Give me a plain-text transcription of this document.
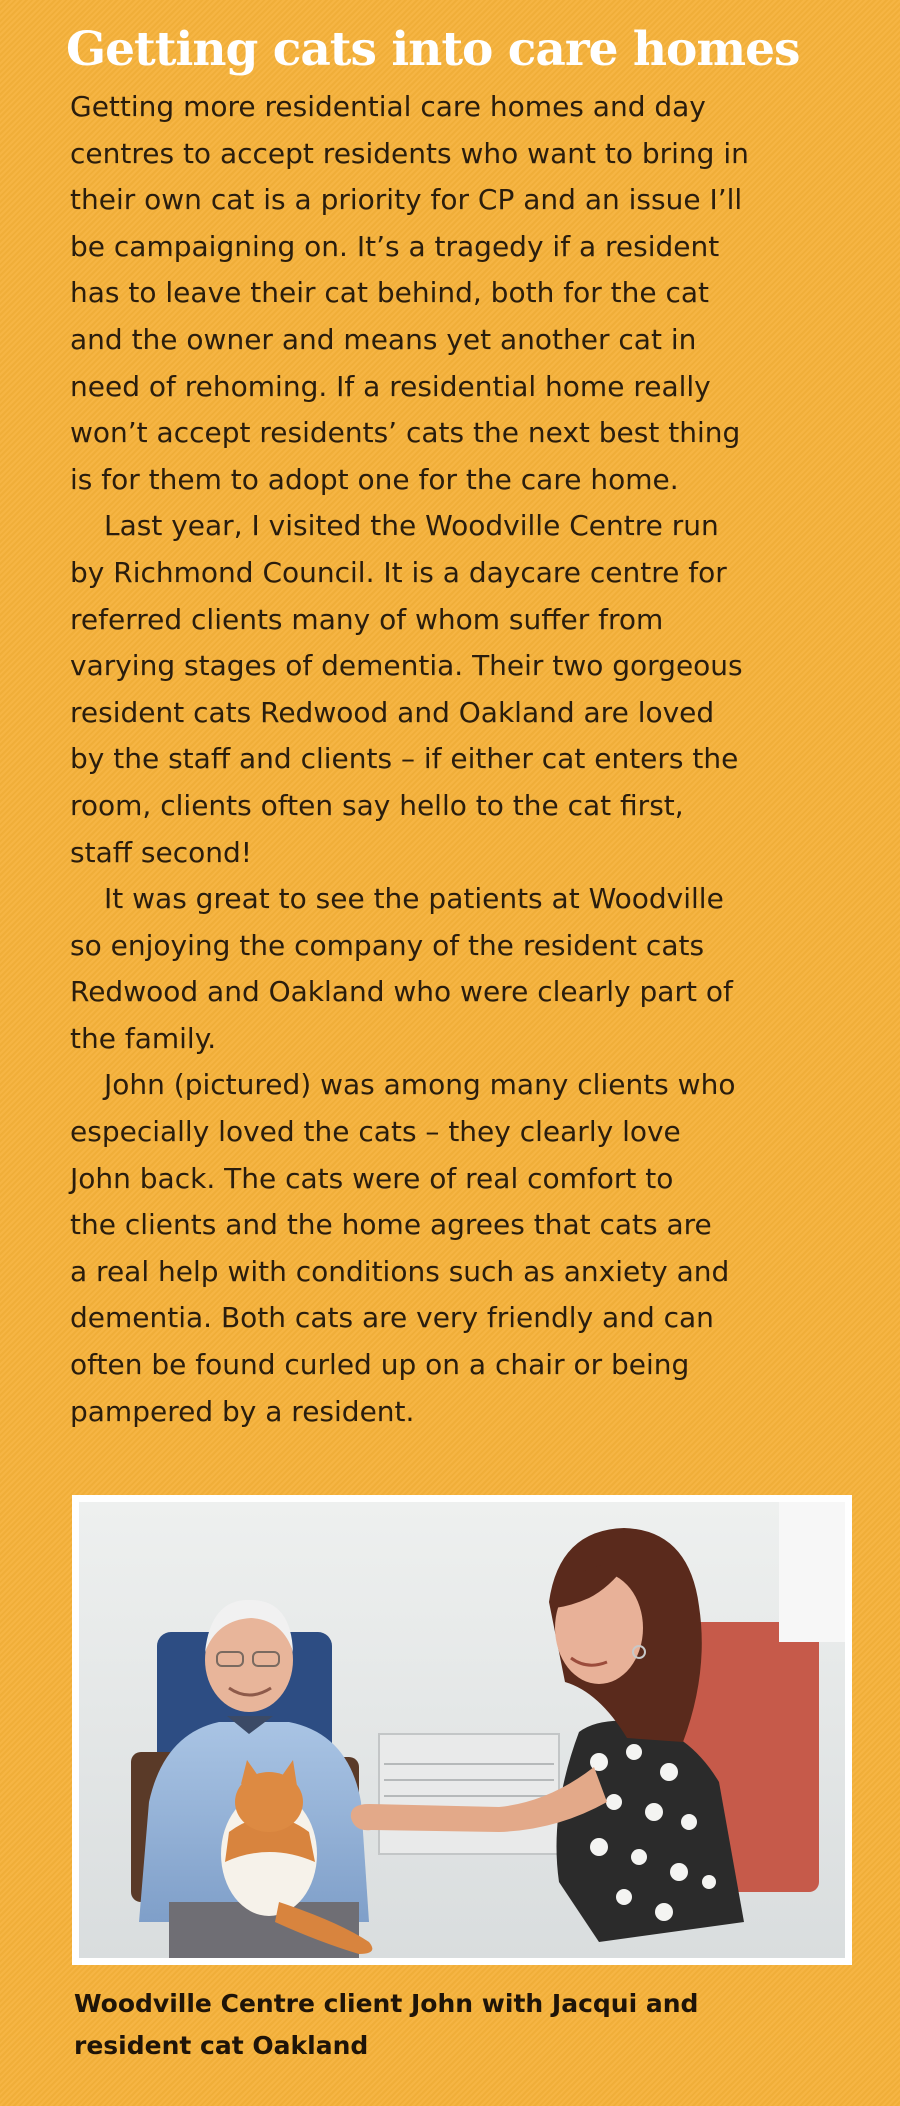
Getting cats into care homes

Getting more residential care homes and day
centres to accept residents who want to bring in
their own cat is a priority for CP and an issue I’ll
be campaigning on. It’s a tragedy if a resident
has to leave their cat behind, both for the cat
and the owner and means yet another cat in
need of rehoming. If a residential home really
won’t accept residents’ cats the next best thing
is for them to adopt one for the care home.

Last year, I visited the Woodville Centre run
by Richmond Council. It is a daycare centre for
referred clients many of whom suffer from
varying stages of dementia. Their two gorgeous
resident cats Redwood and Oakland are loved
by the staff and clients – if either cat enters the
room, clients often say hello to the cat first,
staff second!

It was great to see the patients at Woodville
so enjoying the company of the resident cats
Redwood and Oakland who were clearly part of
the family.

John (pictured) was among many clients who
especially loved the cats – they clearly love
John back. The cats were of real comfort to
the clients and the home agrees that cats are
a real help with conditions such as anxiety and
dementia. Both cats are very friendly and can
often be found curled up on a chair or being
pampered by a resident.

Woodville Centre client John with Jacqui and
resident cat Oakland
